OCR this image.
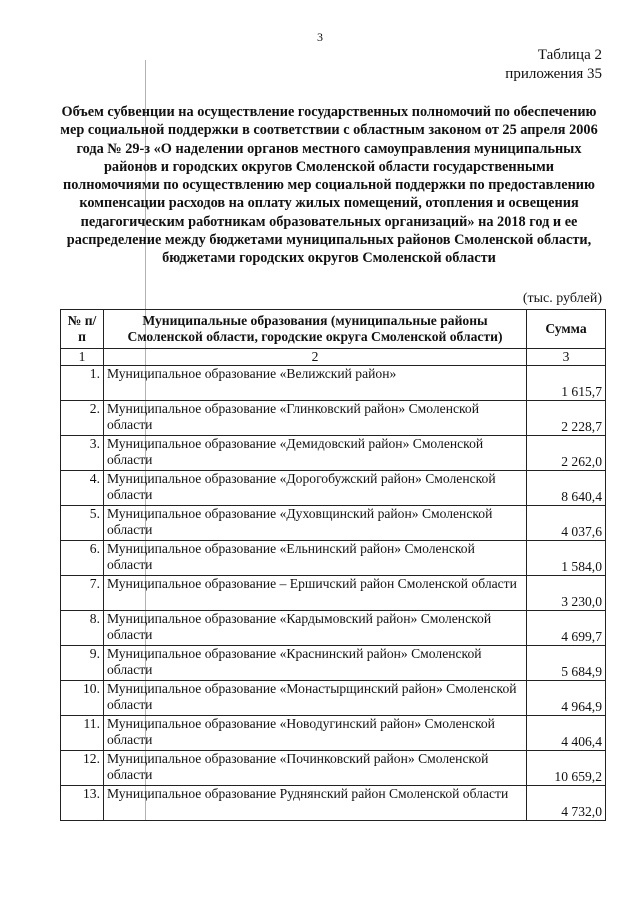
3
Таблица 2
приложения 35
Объем субвенции на осуществление государственных полномочий по обеспечению мер социальной поддержки в соответствии с областным законом от 25 апреля 2006 года № 29-з «О наделении органов местного самоуправления муниципальных районов и городских округов Смоленской области государственными полномочиями по осуществлению мер социальной поддержки по предоставлению компенсации расходов на оплату жилых помещений, отопления и освещения педагогическим работникам образовательных организаций» на 2018 год и ее распределение между бюджетами муниципальных районов Смоленской области, бюджетами городских округов Смоленской области
(тыс. рублей)
№ п/п	Муниципальные образования (муниципальные районы Смоленской области, городские округа Смоленской области)	Сумма
1	2	3
1.	Муниципальное образование «Велижский район»	1 615,7
2.	Муниципальное образование «Глинковский район» Смоленской области	2 228,7
3.	Муниципальное образование «Демидовский район» Смоленской области	2 262,0
4.	Муниципальное образование «Дорогобужский район» Смоленской области	8 640,4
5.	Муниципальное образование «Духовщинский район» Смоленской области	4 037,6
6.	Муниципальное образование «Ельнинский район» Смоленской области	1 584,0
7.	Муниципальное образование – Ершичский район Смоленской области	3 230,0
8.	Муниципальное образование «Кардымовский район» Смоленской области	4 699,7
9.	Муниципальное образование «Краснинский район» Смоленской области	5 684,9
10.	Муниципальное образование «Монастырщинский район» Смоленской области	4 964,9
11.	Муниципальное образование «Новодугинский район» Смоленской области	4 406,4
12.	Муниципальное образование «Починковский район» Смоленской области	10 659,2
13.	Муниципальное образование Руднянский район Смоленской области	4 732,0
